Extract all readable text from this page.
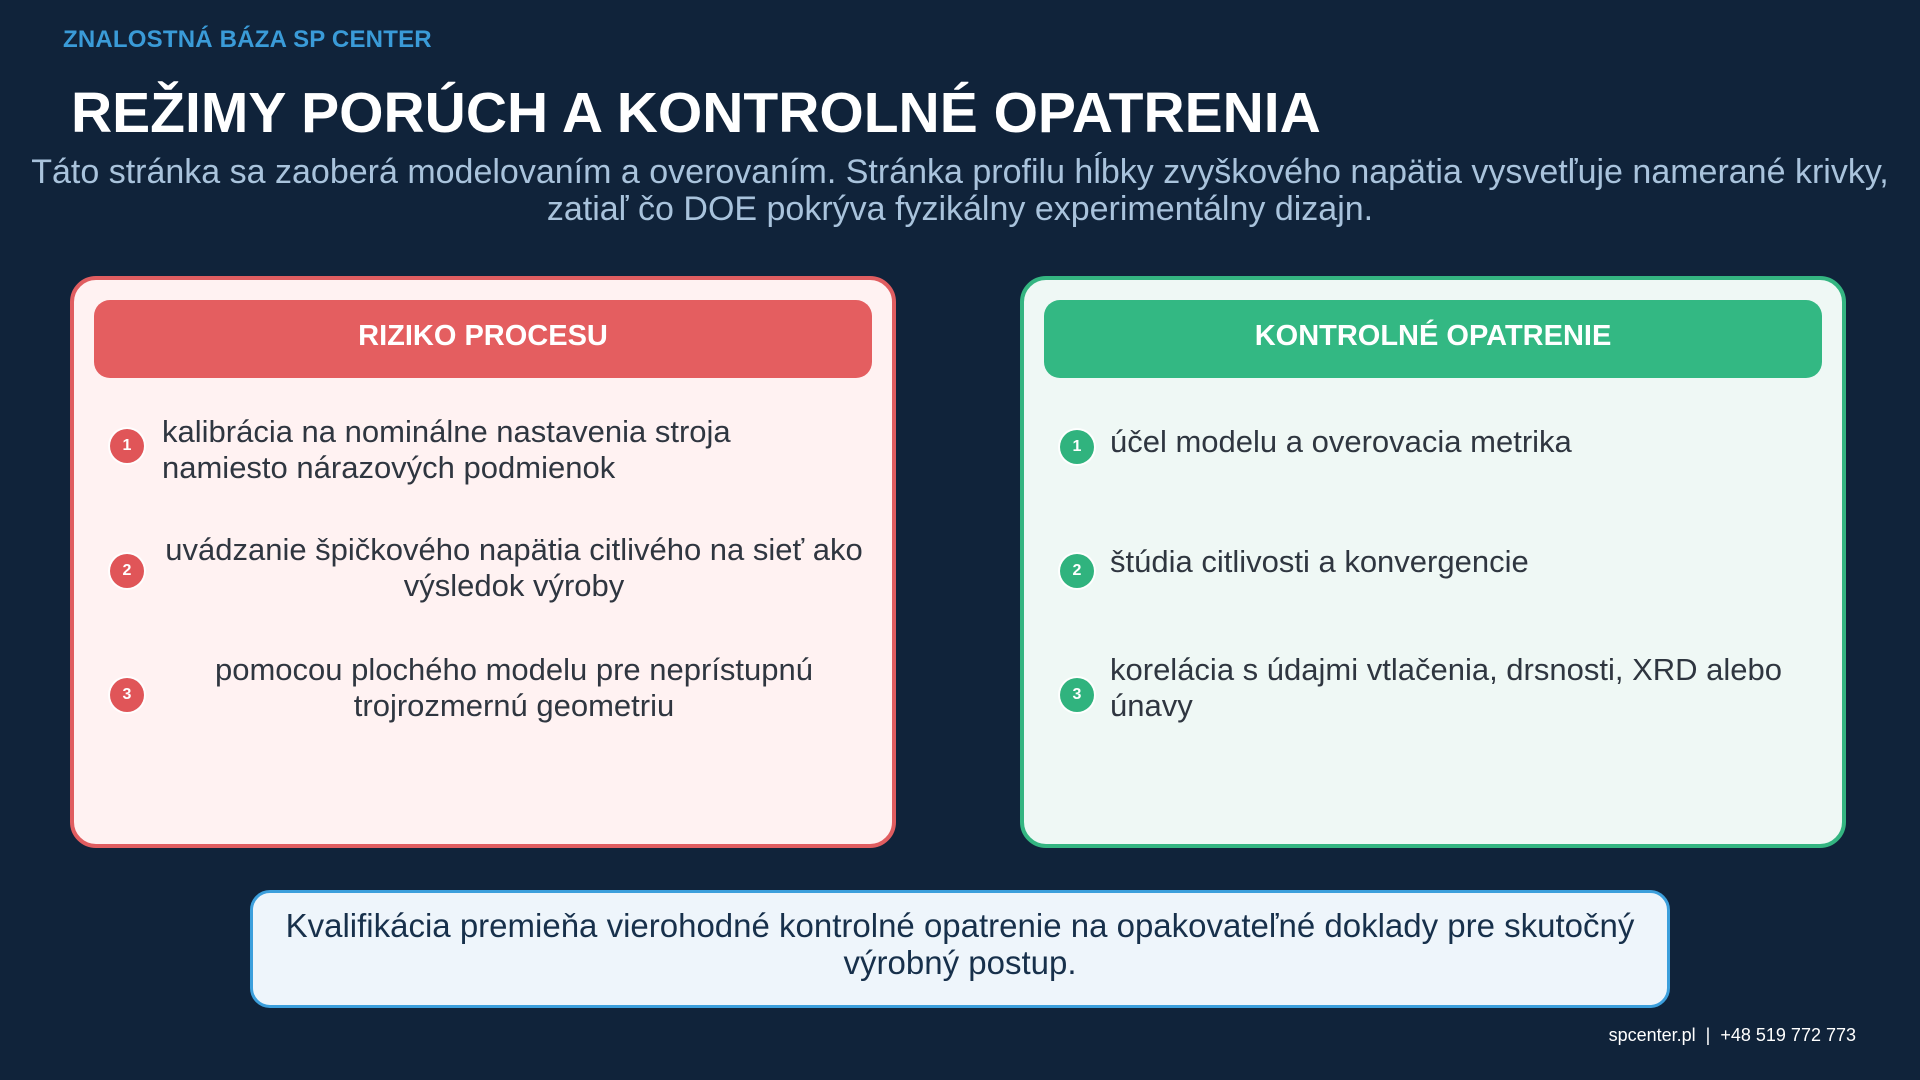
ZNALOSTNÁ BÁZA SP CENTER
REŽIMY PORÚCH A KONTROLNÉ OPATRENIA
Táto stránka sa zaoberá modelovaním a overovaním. Stránka profilu hĺbky zvyškového napätia vysvetľuje namerané krivky, zatiaľ čo DOE pokrýva fyzikálny experimentálny dizajn.
RIZIKO PROCESU
1 kalibrácia na nominálne nastavenia stroja namiesto nárazových podmienok
2
uvádzanie špičkového napätia citlivého na sieť ako výsledok výroby
3
pomocou plochého modelu pre neprístupnú trojrozmernú geometriu
KONTROLNÉ OPATRENIE
1 účel modelu a overovacia metrika
2 štúdia citlivosti a konvergencie
3
korelácia s údajmi vtlačenia, drsnosti, XRD alebo únavy
Kvalifikácia premieňa vierohodné kontrolné opatrenie na opakovateľné doklady pre skutočný výrobný postup.
spcenter.pl  |  +48 519 772 773
